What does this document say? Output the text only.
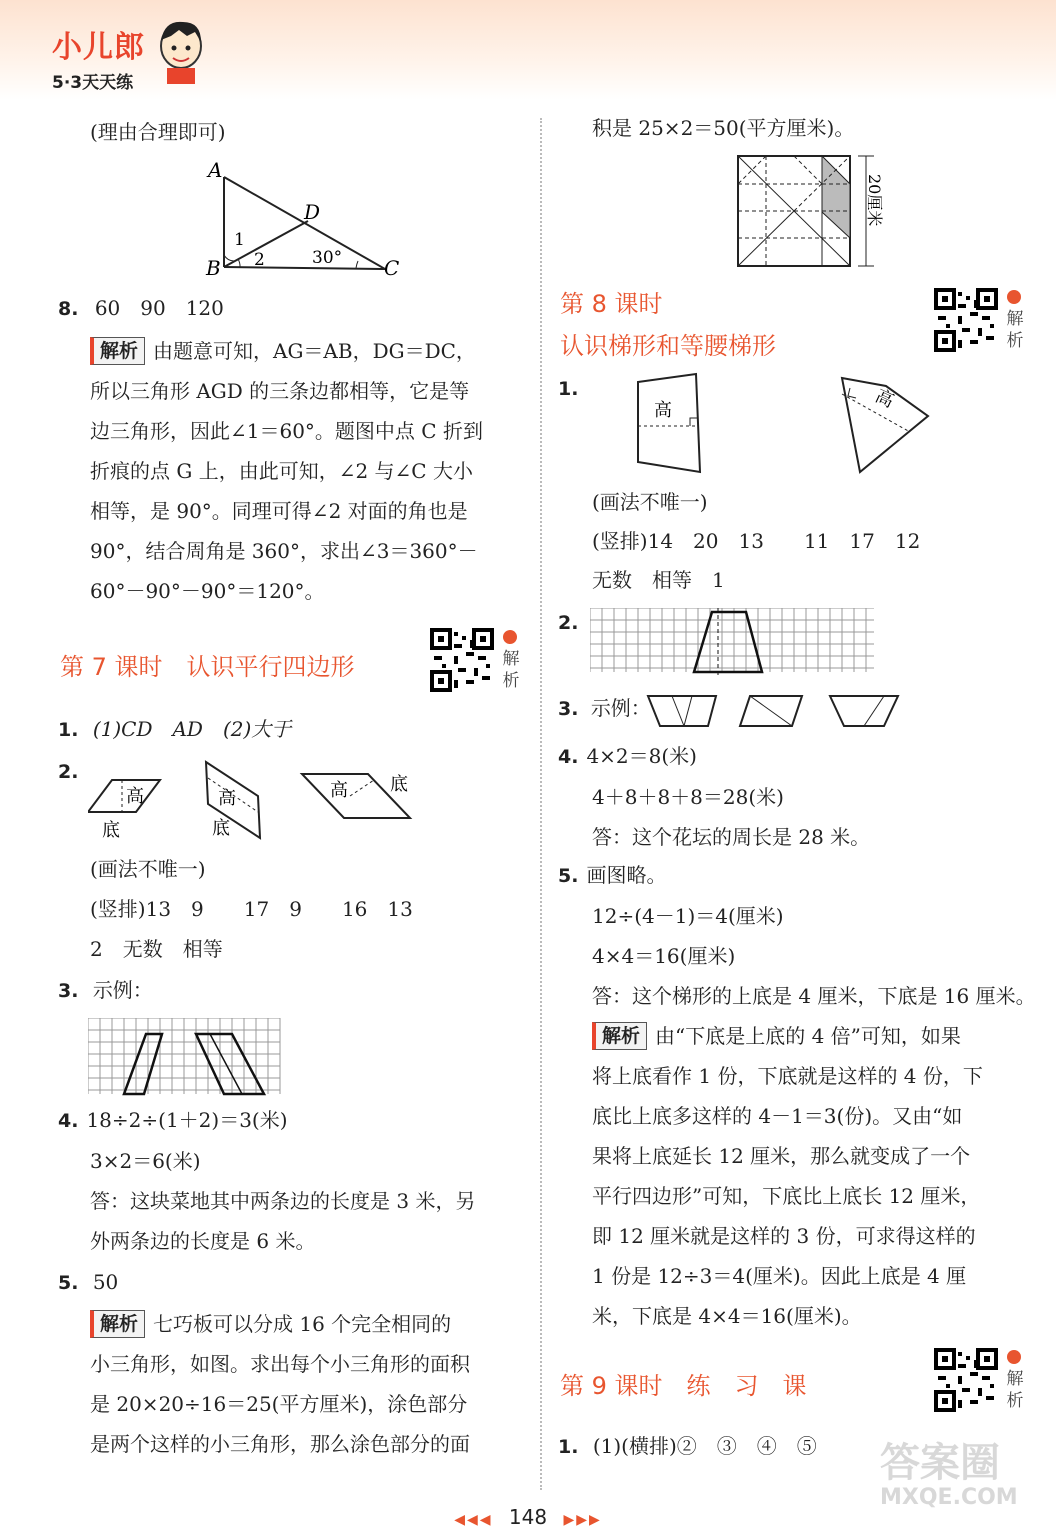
小儿郎
5·3天天练
(理由合理即可)
A
B	C
D
1
2	30°
8. 60　90　120
解析 由题意可知，AG＝AB，DG＝DC，
所以三角形 AGD 的三条边都相等，它是等
边三角形，因此∠1＝60°。题图中点 C 折到
折痕的点 G 上，由此可知，∠2 与∠C 大小
相等，是 90°。同理可得∠2 对面的角也是
90°，结合周角是 360°，求出∠3＝360°－
60°－90°－90°＝120°。
第 7 课时　认识平行四边形	解析
1. (1)CD　AD　(2)大于
2.
高
底
高
底
高 底
(画法不唯一)
(竖排)13　9　　17　9　　16　13
2　无数　相等
3. 示例：
4. 18÷2÷(1＋2)＝3(米)
3×2＝6(米)
答：这块菜地其中两条边的长度是 3 米，另
外两条边的长度是 6 米。
5. 50
解析 七巧板可以分成 16 个完全相同的
小三角形，如图。求出每个小三角形的面积
是 20×20÷16＝25(平方厘米)，涂色部分
是两个这样的小三角形，那么涂色部分的面
积是 25×2＝50(平方厘米)。
20厘米
第 8 课时
认识梯形和等腰梯形
解析
1.
高	高
(画法不唯一)
(竖排)14　20　13　　11　17　12
无数　相等　1
2.
3. 示例：
4. 4×2＝8(米)
4＋8＋8＋8＝28(米)
答：这个花坛的周长是 28 米。
5. 画图略。
12÷(4－1)＝4(厘米)
4×4＝16(厘米)
答：这个梯形的上底是 4 厘米，下底是 16 厘米。
解析 由“下底是上底的 4 倍”可知，如果
将上底看作 1 份，下底就是这样的 4 份，下
底比上底多这样的 4－1＝3(份)。又由“如
果将上底延长 12 厘米，那么就变成了一个
平行四边形”可知，下底比上底长 12 厘米，
即 12 厘米就是这样的 3 份，可求得这样的
1 份是 12÷3＝4(厘米)。因此上底是 4 厘
米，下底是 4×4＝16(厘米)。
第 9 课时　练　习　课	解析
1. (1)(横排)②　③　④　⑤ 答案圈
MXQE.COM
◀◀◀ 148 ▶▶▶
